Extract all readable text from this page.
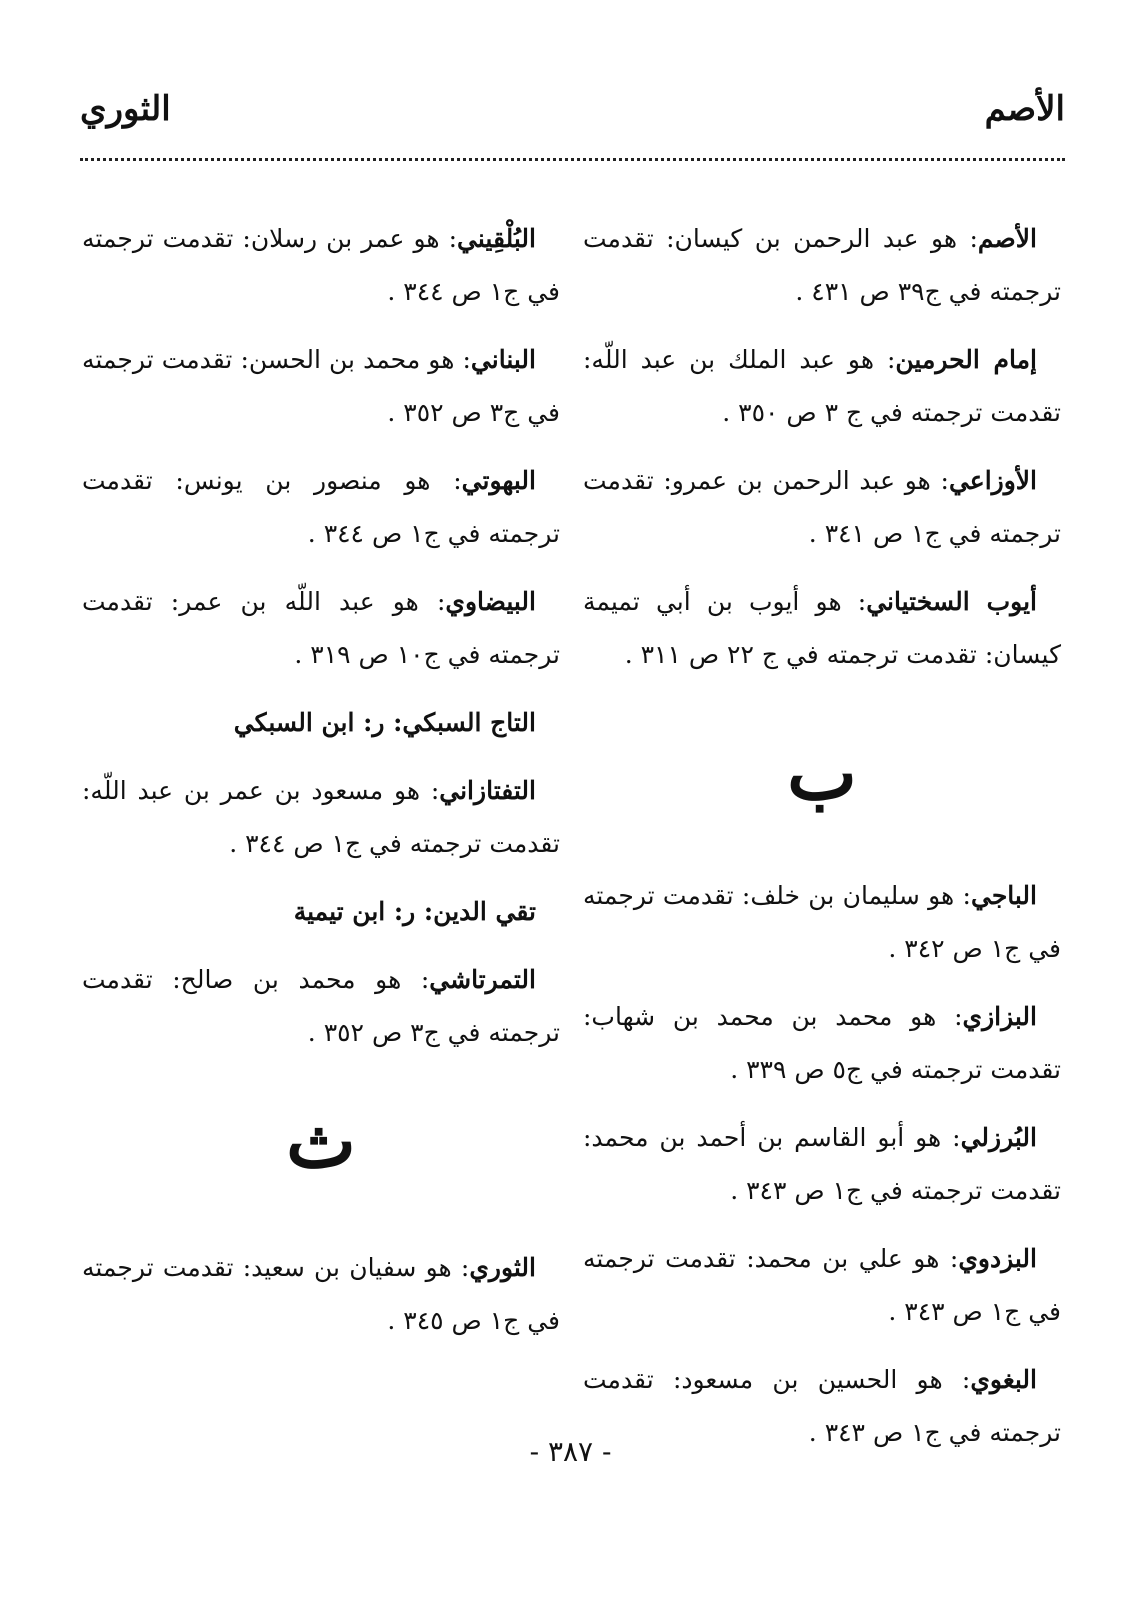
الأصم
الثوري

الأصم: هو عبد الرحمن بن كيسان: تقدمت ترجمته في ج٣٩ ص ٤٣١ .

إمام الحرمين: هو عبد الملك بن عبد اللّه: تقدمت ترجمته في ج ٣ ص ٣٥٠ .

الأوزاعي: هو عبد الرحمن بن عمرو: تقدمت ترجمته في ج١ ص ٣٤١ .

أيوب السختياني: هو أيوب بن أبي تميمة كيسان: تقدمت ترجمته في ج ٢٢ ص ٣١١ .

ب

الباجي: هو سليمان بن خلف: تقدمت ترجمته في ج١ ص ٣٤٢ .

البزازي: هو محمد بن محمد بن شهاب: تقدمت ترجمته في ج٥ ص ٣٣٩ .

البُرزلي: هو أبو القاسم بن أحمد بن محمد: تقدمت ترجمته في ج١ ص ٣٤٣ .

البزدوي: هو علي بن محمد: تقدمت ترجمته في ج١ ص ٣٤٣ .

البغوي: هو الحسين بن مسعود: تقدمت ترجمته في ج١ ص ٣٤٣ .

البُلْقِيني: هو عمر بن رسلان: تقدمت ترجمته في ج١ ص ٣٤٤ .

البناني: هو محمد بن الحسن: تقدمت ترجمته في ج٣ ص ٣٥٢ .

البهوتي: هو منصور بن يونس: تقدمت ترجمته في ج١ ص ٣٤٤ .

البيضاوي: هو عبد اللّه بن عمر: تقدمت ترجمته في ج١٠ ص ٣١٩ .

التاج السبكي: ر: ابن السبكي

التفتازاني: هو مسعود بن عمر بن عبد اللّه: تقدمت ترجمته في ج١ ص ٣٤٤ .

تقي الدين: ر: ابن تيمية

التمرتاشي: هو محمد بن صالح: تقدمت ترجمته في ج٣ ص ٣٥٢ .

ث

الثوري: هو سفيان بن سعيد: تقدمت ترجمته في ج١ ص ٣٤٥ .

- ٣٨٧ -
